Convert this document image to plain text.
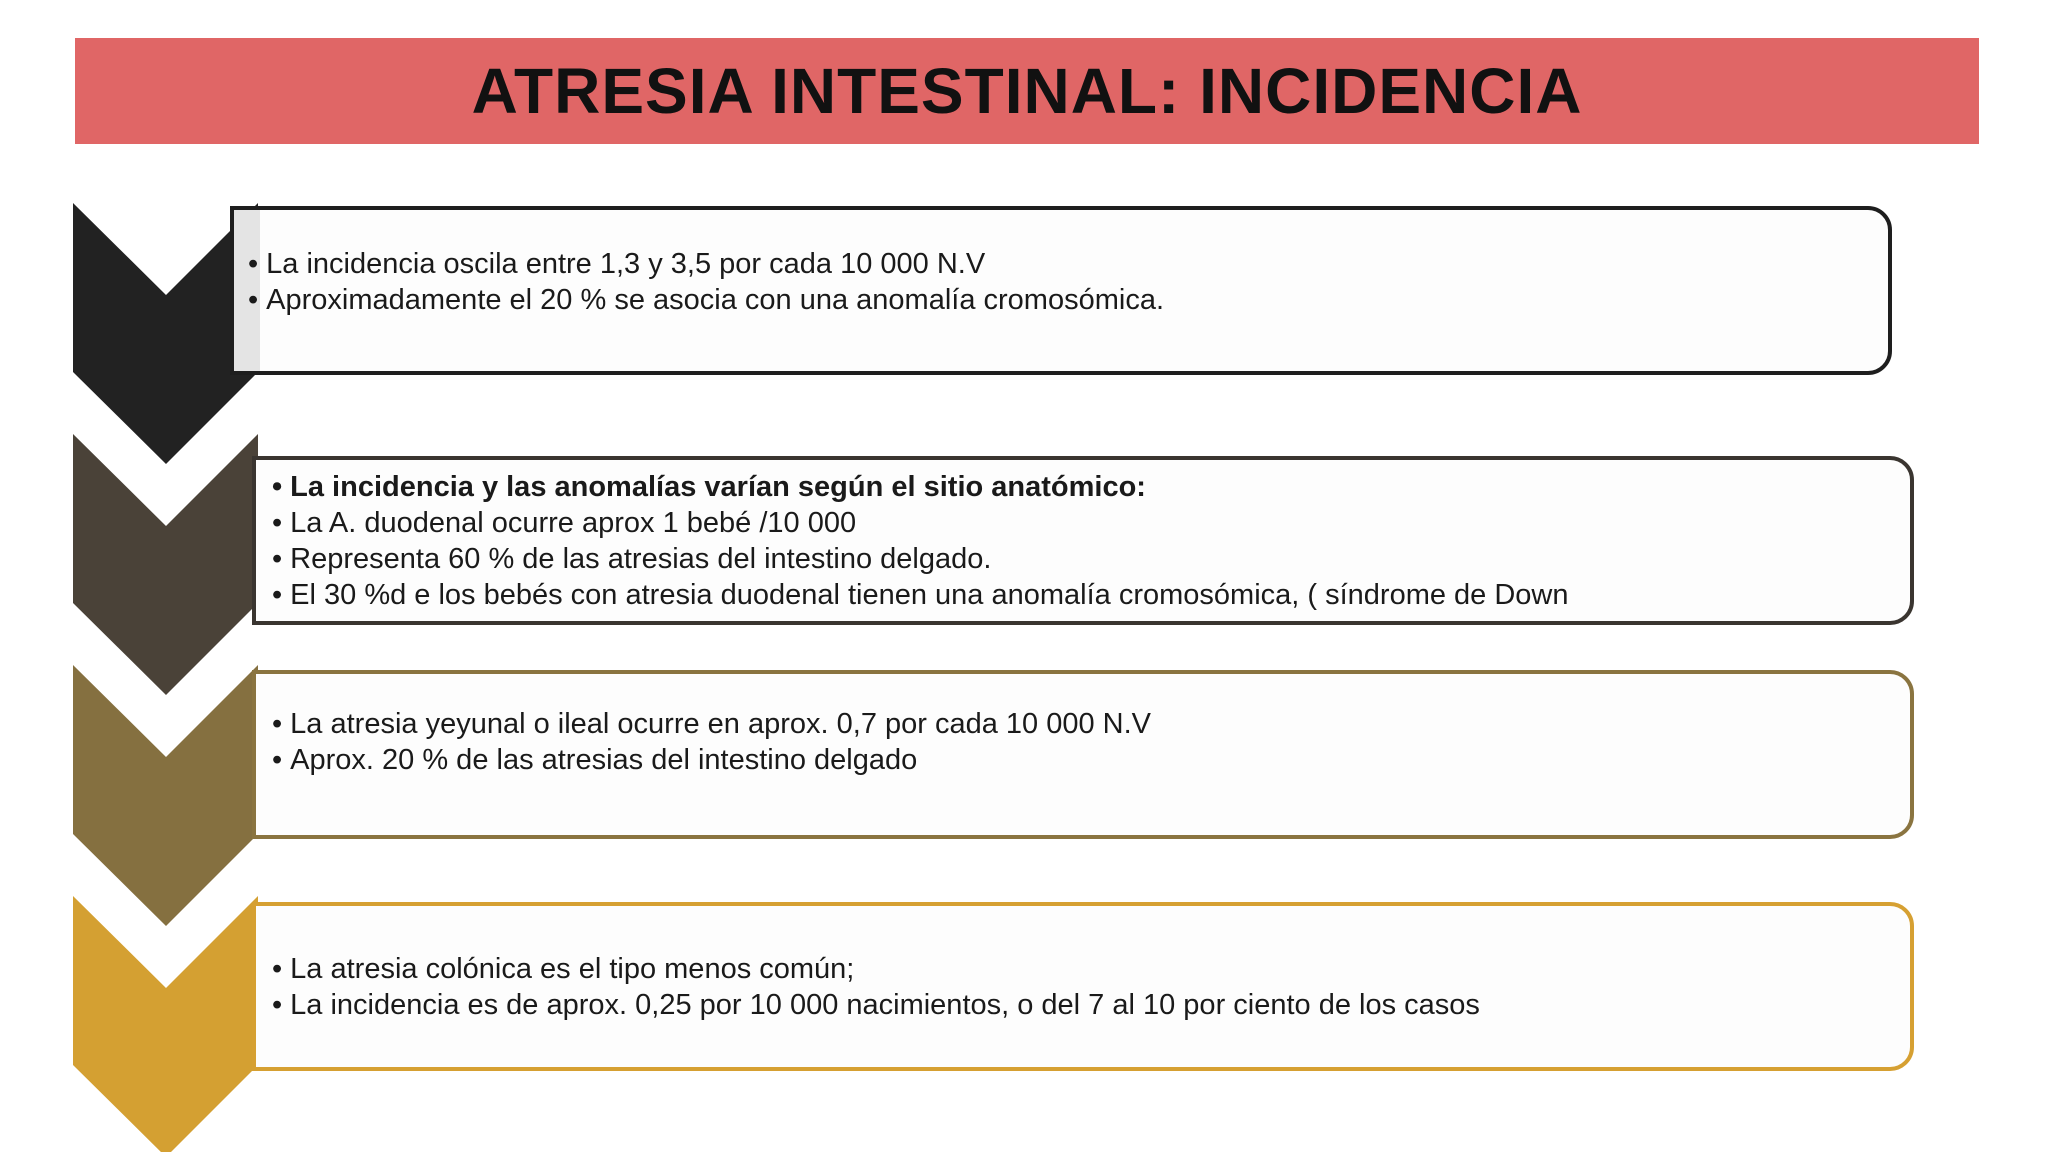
ATRESIA INTESTINAL: INCIDENCIA
• La incidencia oscila entre 1,3 y 3,5 por cada 10 000 N.V
• Aproximadamente el 20 % se asocia con una anomalía cromosómica.
• La incidencia y las anomalías varían según el sitio anatómico:
• La A. duodenal ocurre aprox 1 bebé /10 000
• Representa 60 % de las atresias del intestino delgado.
• El 30 %d e los bebés con atresia duodenal tienen una anomalía cromosómica, ( síndrome de Down
• La atresia yeyunal o ileal ocurre en aprox. 0,7 por cada 10 000 N.V
• Aprox. 20 % de las atresias del intestino delgado
• La atresia colónica es el tipo menos común;
• La incidencia es de aprox. 0,25 por 10 000 nacimientos, o del 7 al 10 por ciento de los casos
